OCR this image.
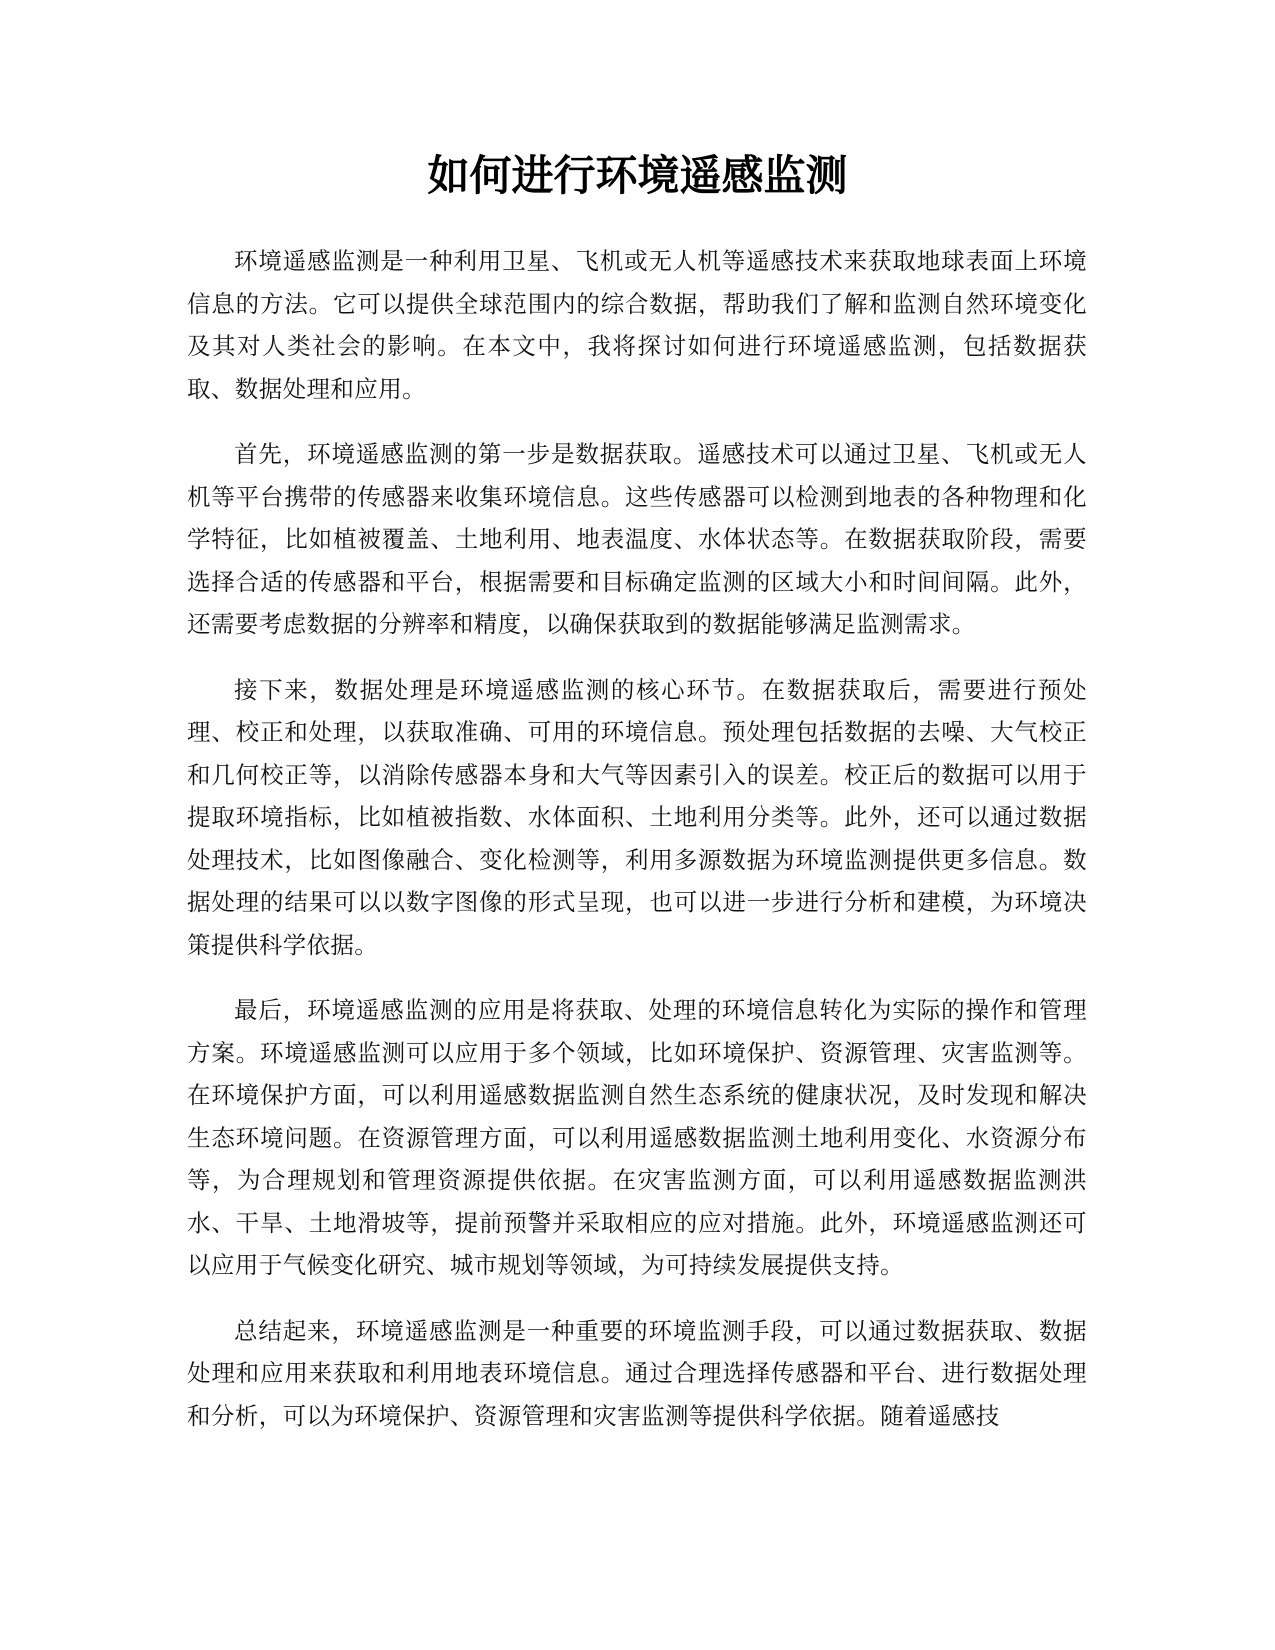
如何进行环境遥感监测

环境遥感监测是一种利用卫星、飞机或无人机等遥感技术来获取地球表面上环境信息的方法。它可以提供全球范围内的综合数据，帮助我们了解和监测自然环境变化及其对人类社会的影响。在本文中，我将探讨如何进行环境遥感监测，包括数据获取、数据处理和应用。

首先，环境遥感监测的第一步是数据获取。遥感技术可以通过卫星、飞机或无人机等平台携带的传感器来收集环境信息。这些传感器可以检测到地表的各种物理和化学特征，比如植被覆盖、土地利用、地表温度、水体状态等。在数据获取阶段，需要选择合适的传感器和平台，根据需要和目标确定监测的区域大小和时间间隔。此外，还需要考虑数据的分辨率和精度，以确保获取到的数据能够满足监测需求。

接下来，数据处理是环境遥感监测的核心环节。在数据获取后，需要进行预处理、校正和处理，以获取准确、可用的环境信息。预处理包括数据的去噪、大气校正和几何校正等，以消除传感器本身和大气等因素引入的误差。校正后的数据可以用于提取环境指标，比如植被指数、水体面积、土地利用分类等。此外，还可以通过数据处理技术，比如图像融合、变化检测等，利用多源数据为环境监测提供更多信息。数据处理的结果可以以数字图像的形式呈现，也可以进一步进行分析和建模，为环境决策提供科学依据。

最后，环境遥感监测的应用是将获取、处理的环境信息转化为实际的操作和管理方案。环境遥感监测可以应用于多个领域，比如环境保护、资源管理、灾害监测等。在环境保护方面，可以利用遥感数据监测自然生态系统的健康状况，及时发现和解决生态环境问题。在资源管理方面，可以利用遥感数据监测土地利用变化、水资源分布等，为合理规划和管理资源提供依据。在灾害监测方面，可以利用遥感数据监测洪水、干旱、土地滑坡等，提前预警并采取相应的应对措施。此外，环境遥感监测还可以应用于气候变化研究、城市规划等领域，为可持续发展提供支持。

总结起来，环境遥感监测是一种重要的环境监测手段，可以通过数据获取、数据处理和应用来获取和利用地表环境信息。通过合理选择传感器和平台、进行数据处理和分析，可以为环境保护、资源管理和灾害监测等提供科学依据。随着遥感技
